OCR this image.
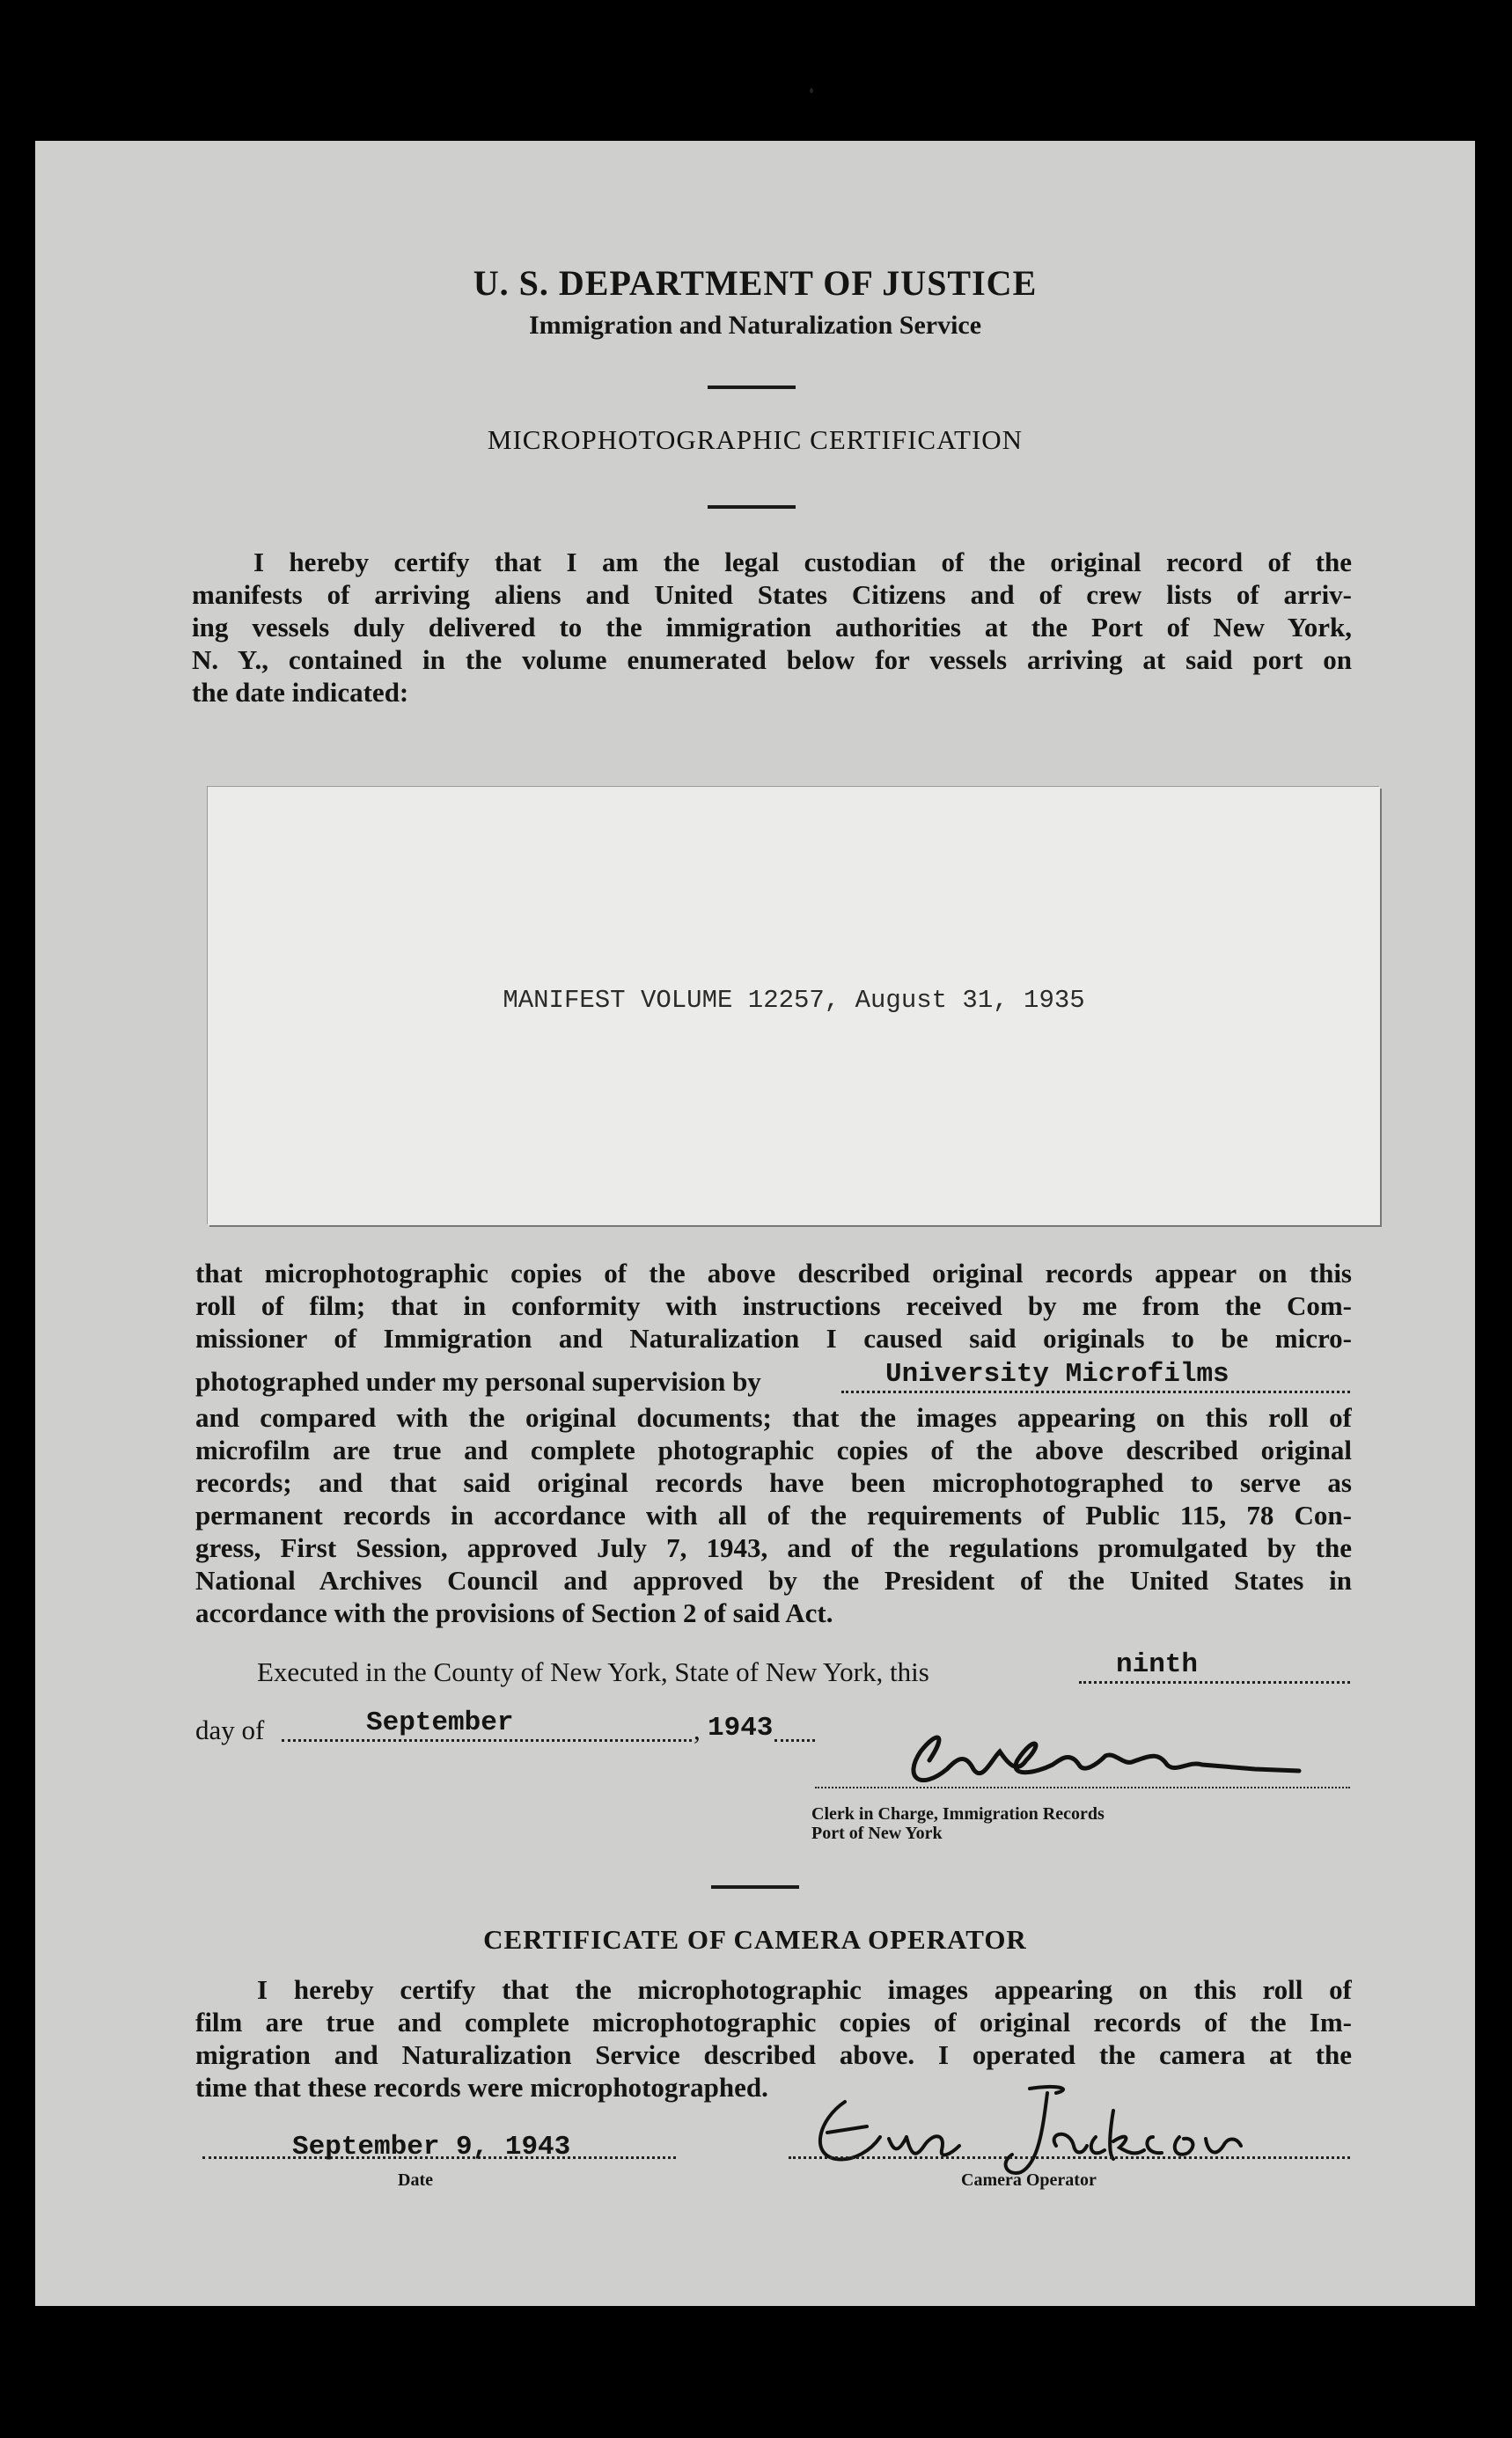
U. S. DEPARTMENT OF JUSTICE
Immigration and Naturalization Service
MICROPHOTOGRAPHIC CERTIFICATION
I hereby certify that I am the legal custodian of the original record of the
manifests of arriving aliens and United States Citizens and of crew lists of arriv-
ing vessels duly delivered to the immigration authorities at the Port of New York,
N. Y., contained in the volume enumerated below for vessels arriving at said port on
the date indicated:
MANIFEST VOLUME 12257, August 31, 1935
that microphotographic copies of the above described original records appear on this
roll of film; that in conformity with instructions received by me from the Com-
missioner of Immigration and Naturalization I caused said originals to be micro-
photographed under my personal supervision by	University Microfilms
and compared with the original documents; that the images appearing on this roll of
microfilm are true and complete photographic copies of the above described original
records; and that said original records have been microphotographed to serve as
permanent records in accordance with all of the requirements of Public 115, 78 Con-
gress, First Session, approved July 7, 1943, and of the regulations promulgated by the
National Archives Council and approved by the President of the United States in
accordance with the provisions of Section 2 of said Act.
Executed in the County of New York, State of New York, this	ninth
day of	September	, 1943
Clerk in Charge, Immigration Records
Port of New York
CERTIFICATE OF CAMERA OPERATOR
I hereby certify that the microphotographic images appearing on this roll of
film are true and complete microphotographic copies of original records of the Im-
migration and Naturalization Service described above. I operated the camera at the
time that these records were microphotographed.
September 9, 1943
Date	Camera Operator
